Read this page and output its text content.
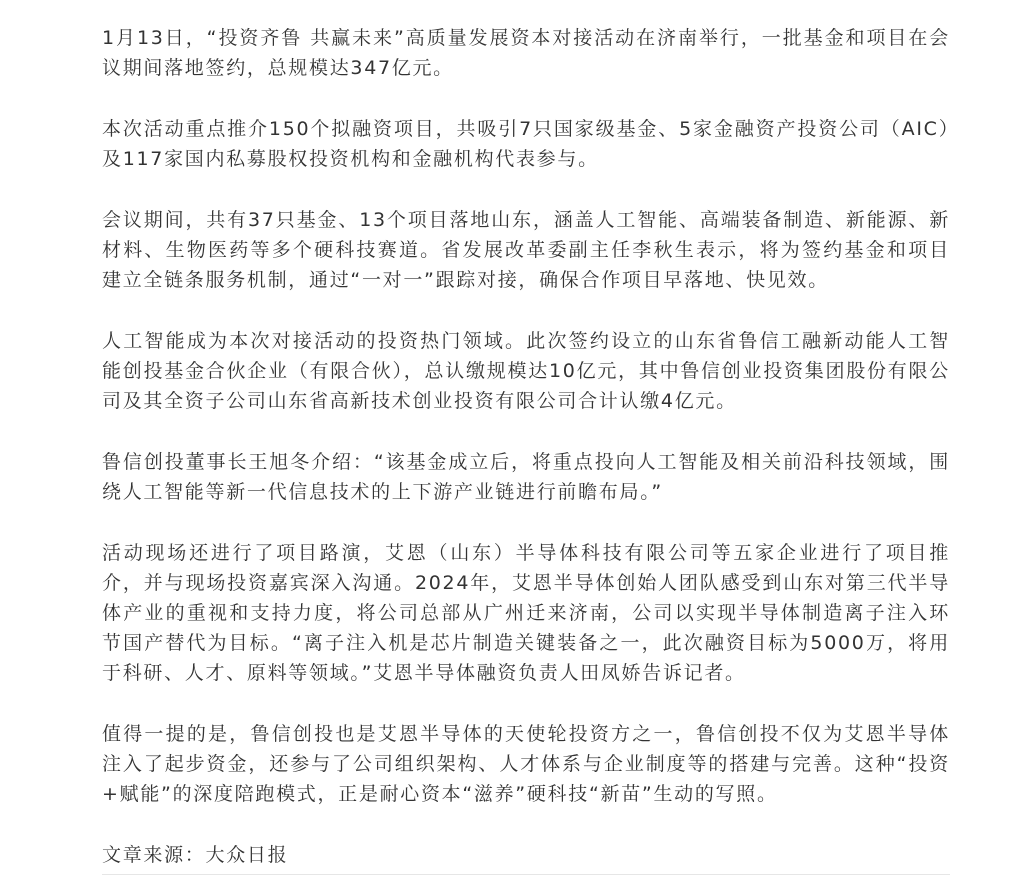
1月13日，“投资齐鲁 共赢未来”高质量发展资本对接活动在济南举行，一批基金和项目在会议期间落地签约，总规模达347亿元。

本次活动重点推介150个拟融资项目，共吸引7只国家级基金、5家金融资产投资公司（AIC）及117家国内私募股权投资机构和金融机构代表参与。

会议期间，共有37只基金、13个项目落地山东，涵盖人工智能、高端装备制造、新能源、新材料、生物医药等多个硬科技赛道。省发展改革委副主任李秋生表示，将为签约基金和项目建立全链条服务机制，通过“一对一”跟踪对接，确保合作项目早落地、快见效。

人工智能成为本次对接活动的投资热门领域。此次签约设立的山东省鲁信工融新动能人工智能创投基金合伙企业（有限合伙），总认缴规模达10亿元，其中鲁信创业投资集团股份有限公司及其全资子公司山东省高新技术创业投资有限公司合计认缴4亿元。

鲁信创投董事长王旭冬介绍：“该基金成立后，将重点投向人工智能及相关前沿科技领域，围绕人工智能等新一代信息技术的上下游产业链进行前瞻布局。”

活动现场还进行了项目路演，艾恩（山东）半导体科技有限公司等五家企业进行了项目推介，并与现场投资嘉宾深入沟通。2024年，艾恩半导体创始人团队感受到山东对第三代半导体产业的重视和支持力度，将公司总部从广州迁来济南，公司以实现半导体制造离子注入环节国产替代为目标。“离子注入机是芯片制造关键装备之一，此次融资目标为5000万，将用于科研、人才、原料等领域。”艾恩半导体融资负责人田凤娇告诉记者。

值得一提的是，鲁信创投也是艾恩半导体的天使轮投资方之一，鲁信创投不仅为艾恩半导体注入了起步资金，还参与了公司组织架构、人才体系与企业制度等的搭建与完善。这种“投资+赋能”的深度陪跑模式，正是耐心资本“滋养”硬科技“新苗”生动的写照。

文章来源：大众日报
